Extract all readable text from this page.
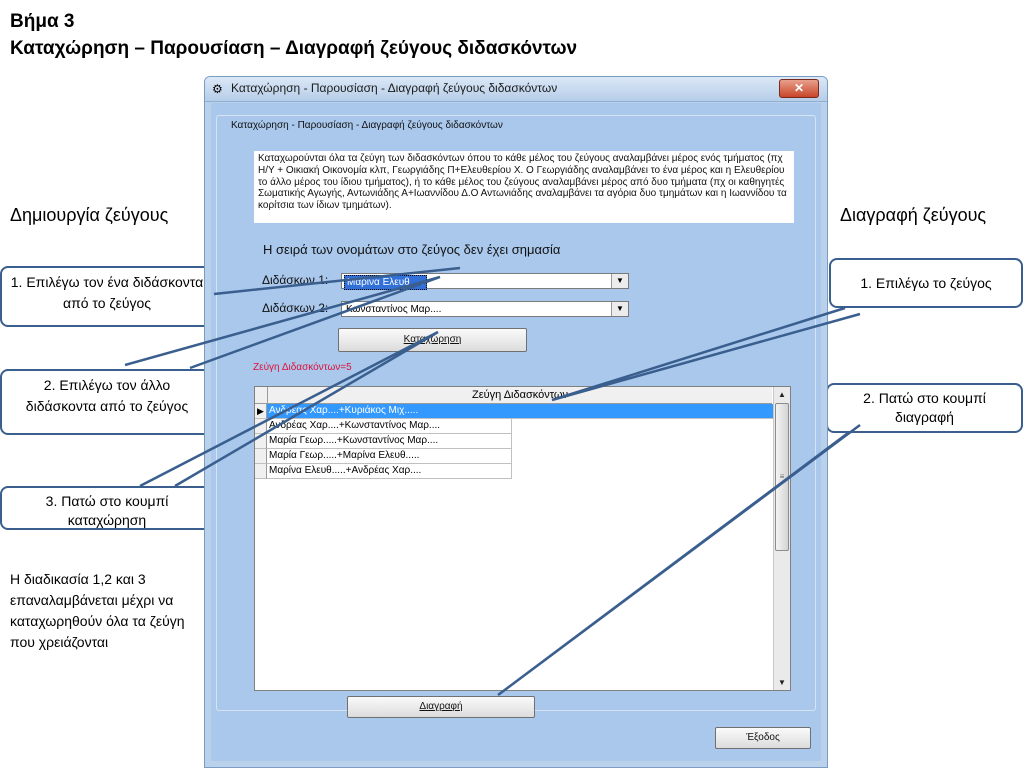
Βήμα 3
Καταχώρηση – Παρουσίαση – Διαγραφή ζεύγους διδασκόντων
Δημιουργία ζεύγους	Διαγραφή ζεύγους
1. Επιλέγω τον ένα διδάσκοντα από το ζεύγος
2. Επιλέγω τον άλλο διδάσκοντα από το ζεύγος
3. Πατώ στο κουμπί καταχώρηση
1. Επιλέγω το ζεύγος
2. Πατώ στο κουμπί διαγραφή
Η διαδικασία 1,2 και 3 επαναλαμβάνεται μέχρι να καταχωρηθούν όλα τα ζεύγη που χρειάζονται
⚙ Καταχώρηση - Παρουσίαση - Διαγραφή ζεύγους διδασκόντων	✕
Καταχώρηση - Παρουσίαση - Διαγραφή ζεύγους διδασκόντων
Καταχωρούνται όλα τα ζεύγη των διδασκόντων όπου το κάθε μέλος του ζεύγους αναλαμβάνει μέρος ενός τμήματος (πχ Η/Υ + Οικιακή Οικονομία κλπ, Γεωργιάδης Π+Ελευθερίου Χ. Ο Γεωργιάδης αναλαμβάνει το ένα μέρος και η Ελευθερίου το άλλο μέρος του ίδιου τμήματος), ή το κάθε μέλος του ζεύγους αναλαμβάνει μέρος από δυο τμήματα (πχ οι καθηγητές Σωματικής Αγωγής, Αντωνιάδης Α+Ιωαννίδου Δ.Ο Αντωνιάδης αναλαμβάνει τα αγόρια δυο τμημάτων και η Ιωαννίδου τα κορίτσια των ίδιων τμημάτων).
Η σειρά των ονομάτων στο ζεύγος δεν έχει σημασία
Διδάσκων 1:	Μαρίνα Ελευθ.....	▼
Διδάσκων 2: Κωνσταντίνος Μαρ....	▼
Καταχώρηση
Ζεύγη Διδασκόντων=5
Ζεύγη Διδασκόντων
▶ Ανδρέας Χαρ....+Κυριάκος Μιχ.....
Ανδρέας Χαρ....+Κωνσταντίνος Μαρ....
Μαρία Γεωρ.....+Κωνσταντίνος Μαρ....
Μαρία Γεωρ.....+Μαρίνα Ελευθ.....
Μαρίνα Ελευθ.....+Ανδρέας Χαρ....
▲
≡
▼
Διαγραφή
Έξοδος
